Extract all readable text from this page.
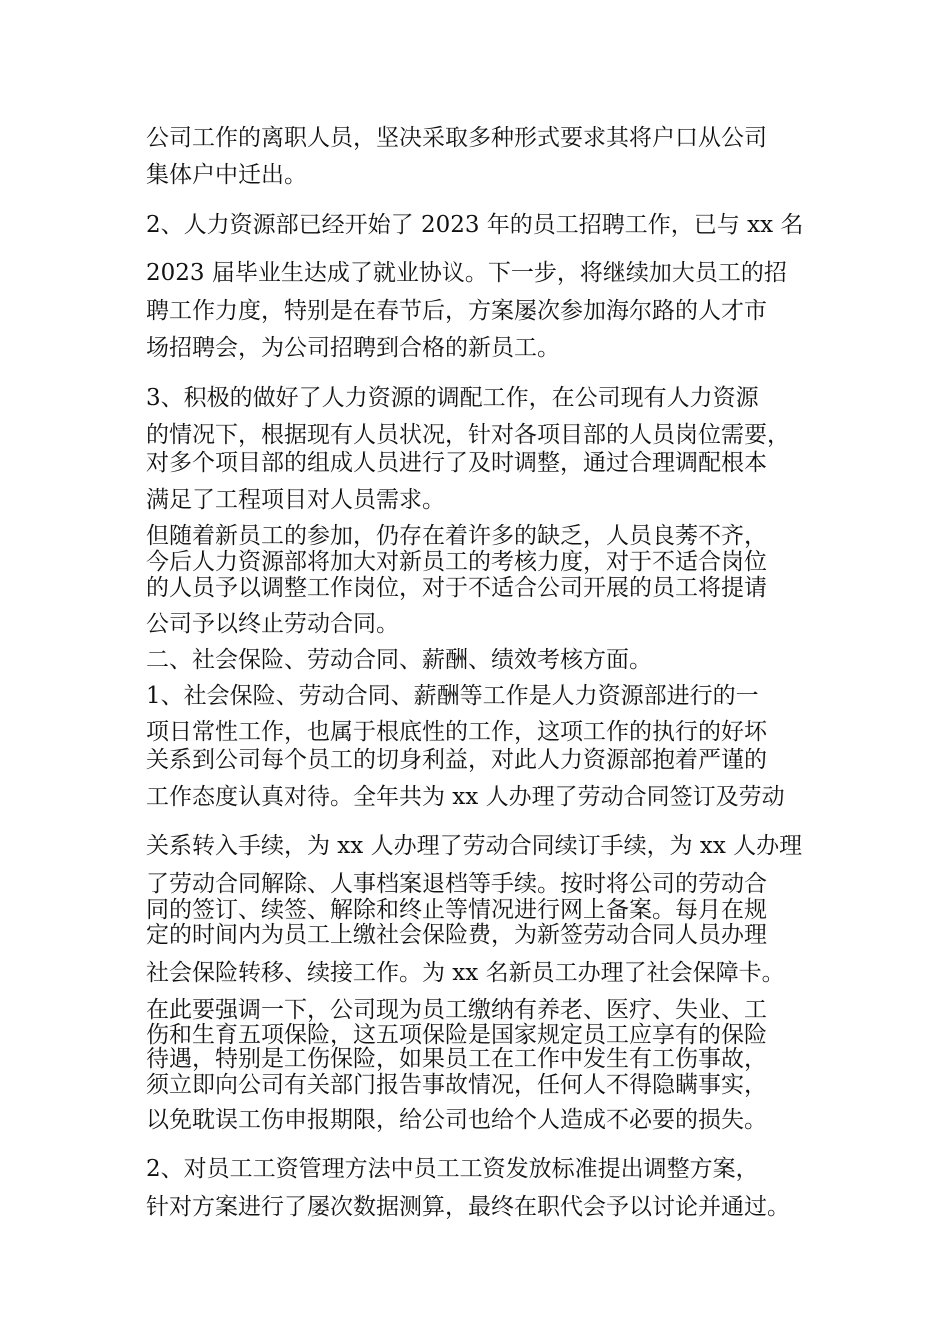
公司工作的离职人员，坚决采取多种形式要求其将户口从公司
集体户中迁出。
2、人力资源部已经开始了 2023 年的员工招聘工作，已与 xx 名
2023 届毕业生达成了就业协议。下一步，将继续加大员工的招
聘工作力度，特别是在春节后，方案屡次参加海尔路的人才市
场招聘会，为公司招聘到合格的新员工。
3、积极的做好了人力资源的调配工作，在公司现有人力资源
的情况下，根据现有人员状况，针对各项目部的人员岗位需要，
对多个项目部的组成人员进行了及时调整，通过合理调配根本
满足了工程项目对人员需求。
但随着新员工的参加，仍存在着许多的缺乏，人员良莠不齐，
今后人力资源部将加大对新员工的考核力度，对于不适合岗位
的人员予以调整工作岗位，对于不适合公司开展的员工将提请
公司予以终止劳动合同。
二、社会保险、劳动合同、薪酬、绩效考核方面。
1、社会保险、劳动合同、薪酬等工作是人力资源部进行的一
项日常性工作，也属于根底性的工作，这项工作的执行的好坏
关系到公司每个员工的切身利益，对此人力资源部抱着严谨的
工作态度认真对待。全年共为 xx 人办理了劳动合同签订及劳动
关系转入手续，为 xx 人办理了劳动合同续订手续，为 xx 人办理
了劳动合同解除、人事档案退档等手续。按时将公司的劳动合
同的签订、续签、解除和终止等情况进行网上备案。每月在规
定的时间内为员工上缴社会保险费，为新签劳动合同人员办理
社会保险转移、续接工作。为 xx 名新员工办理了社会保障卡。
在此要强调一下，公司现为员工缴纳有养老、医疗、失业、工
伤和生育五项保险，这五项保险是国家规定员工应享有的保险
待遇，特别是工伤保险，如果员工在工作中发生有工伤事故，
须立即向公司有关部门报告事故情况，任何人不得隐瞒事实，
以免耽误工伤申报期限，给公司也给个人造成不必要的损失。
2、对员工工资管理方法中员工工资发放标准提出调整方案，
针对方案进行了屡次数据测算，最终在职代会予以讨论并通过。
